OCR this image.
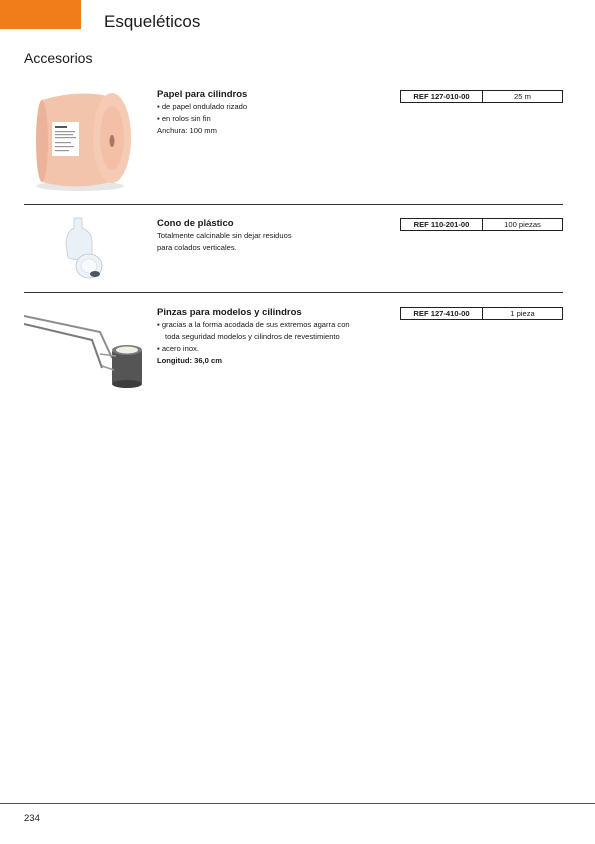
Esqueléticos
Accesorios
Papel para cilindros
▪ de papel ondulado rizado
▪ en rolos sin fin
Anchura: 100 mm
REF 127-010-00	25 m
Cono de plástico
Totalmente calcinable sin dejar residuos
para colados verticales.
REF 110-201-00	100 piezas
Pinzas para modelos y cilindros
▪ gracias a la forma acodada de sus extremos agarra con
toda seguridad modelos y cilindros de revestimiento
▪ acero inox.
Longitud: 36,0 cm
REF 127-410-00	1 pieza
234
